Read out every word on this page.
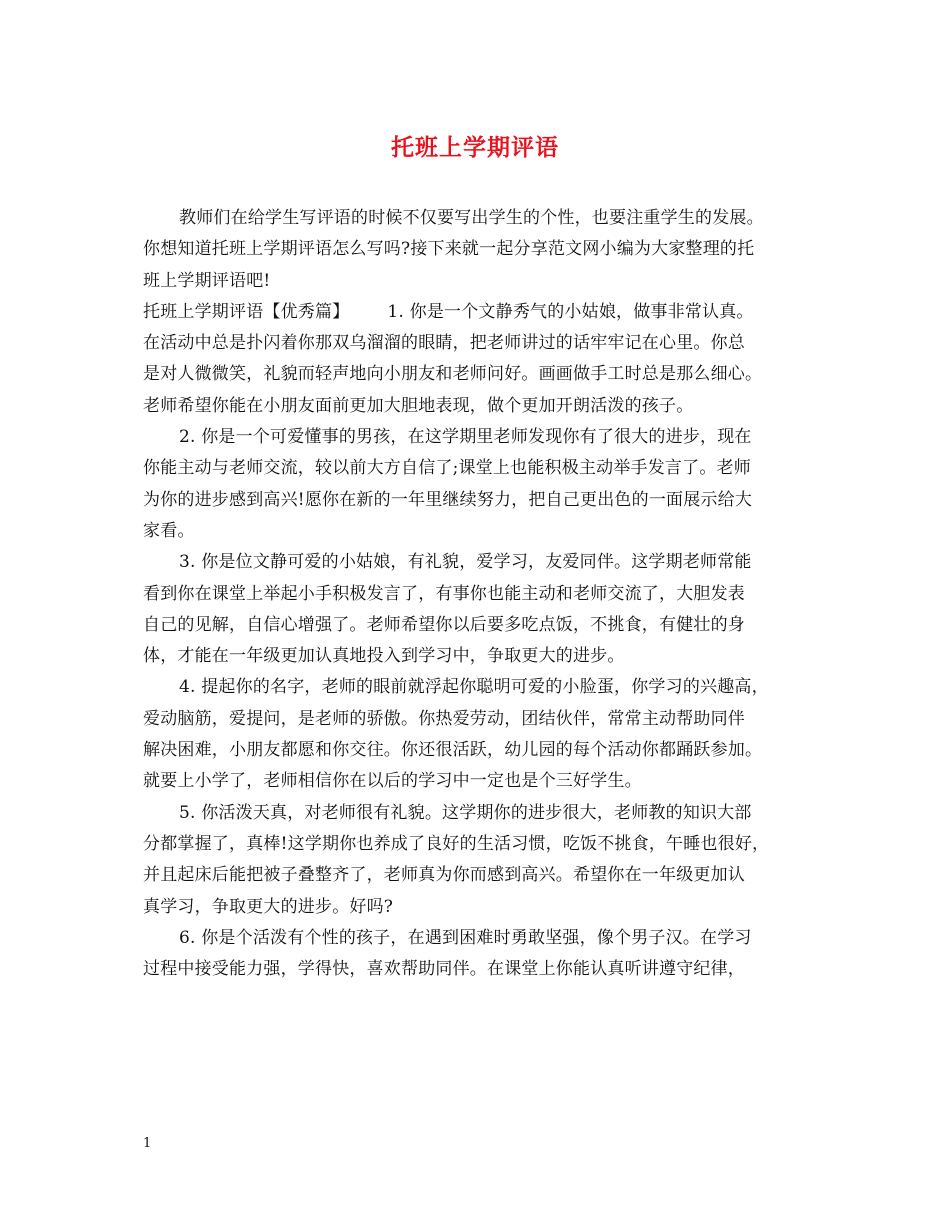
托班上学期评语
教师们在给学生写评语的时候不仅要写出学生的个性，也要注重学生的发展。
你想知道托班上学期评语怎么写吗?接下来就一起分享范文网小编为大家整理的托
班上学期评语吧!
托班上学期评语【优秀篇】 1. 你是一个文静秀气的小姑娘，做事非常认真。
在活动中总是扑闪着你那双乌溜溜的眼睛，把老师讲过的话牢牢记在心里。你总
是对人微微笑，礼貌而轻声地向小朋友和老师问好。画画做手工时总是那么细心。
老师希望你能在小朋友面前更加大胆地表现，做个更加开朗活泼的孩子。
2. 你是一个可爱懂事的男孩，在这学期里老师发现你有了很大的进步，现在
你能主动与老师交流，较以前大方自信了;课堂上也能积极主动举手发言了。老师
为你的进步感到高兴!愿你在新的一年里继续努力，把自己更出色的一面展示给大
家看。
3. 你是位文静可爱的小姑娘，有礼貌，爱学习，友爱同伴。这学期老师常能
看到你在课堂上举起小手积极发言了，有事你也能主动和老师交流了，大胆发表
自己的见解，自信心增强了。老师希望你以后要多吃点饭，不挑食，有健壮的身
体，才能在一年级更加认真地投入到学习中，争取更大的进步。
4. 提起你的名字，老师的眼前就浮起你聪明可爱的小脸蛋，你学习的兴趣高，
爱动脑筋，爱提问，是老师的骄傲。你热爱劳动，团结伙伴，常常主动帮助同伴
解决困难，小朋友都愿和你交往。你还很活跃，幼儿园的每个活动你都踊跃参加。
就要上小学了，老师相信你在以后的学习中一定也是个三好学生。
5. 你活泼天真，对老师很有礼貌。这学期你的进步很大，老师教的知识大部
分都掌握了，真棒!这学期你也养成了良好的生活习惯，吃饭不挑食，午睡也很好，
并且起床后能把被子叠整齐了，老师真为你而感到高兴。希望你在一年级更加认
真学习，争取更大的进步。好吗?
6. 你是个活泼有个性的孩子，在遇到困难时勇敢坚强，像个男子汉。在学习
过程中接受能力强，学得快，喜欢帮助同伴。在课堂上你能认真听讲遵守纪律，
1
